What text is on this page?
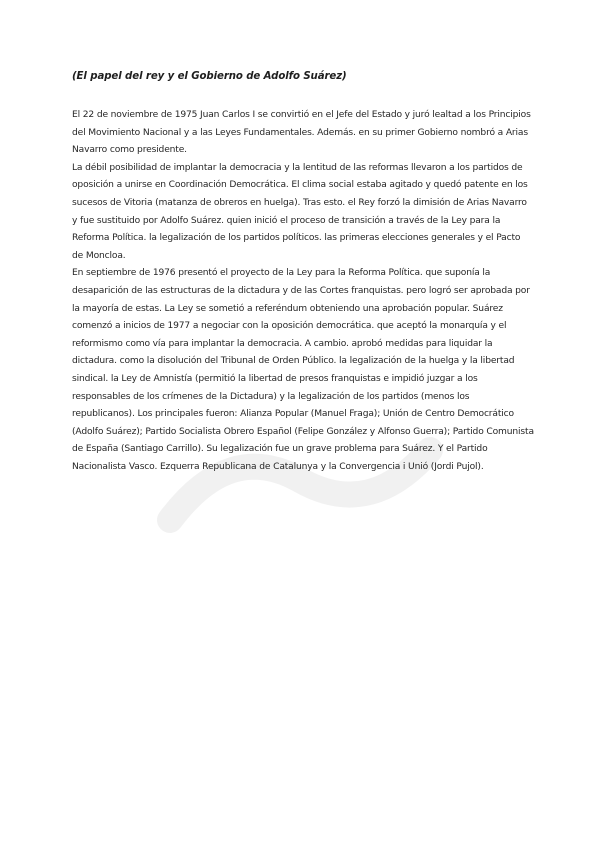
(El papel del rey y el Gobierno de Adolfo Suárez)

El 22 de noviembre de 1975 Juan Carlos I se convirtió en el Jefe del Estado y juró lealtad a los Principios del Movimiento Nacional y a las Leyes Fundamentales. Además. en su primer Gobierno nombró a Arias Navarro como presidente.

La débil posibilidad de implantar la democracia y la lentitud de las reformas llevaron a los partidos de oposición a unirse en Coordinación Democrática. El clima social estaba agitado y quedó patente en los sucesos de Vitoria (matanza de obreros en huelga). Tras esto. el Rey forzó la dimisión de Arias Navarro y fue sustituido por Adolfo Suárez. quien inició el proceso de transición a través de la Ley para la Reforma Política. la legalización de los partidos políticos. las primeras elecciones generales y el Pacto de Moncloa.

En septiembre de 1976 presentó el proyecto de la Ley para la Reforma Política. que suponía la desaparición de las estructuras de la dictadura y de las Cortes franquistas. pero logró ser aprobada por la mayoría de estas. La Ley se sometió a referéndum obteniendo una aprobación popular. Suárez comenzó a inicios de 1977 a negociar con la oposición democrática. que aceptó la monarquía y el reformismo como vía para implantar la democracia. A cambio. aprobó medidas para liquidar la dictadura. como la disolución del Tribunal de Orden Público. la legalización de la huelga y la libertad sindical. la Ley de Amnistía (permitió la libertad de presos franquistas e impidió juzgar a los responsables de los crímenes de la Dictadura) y la legalización de los partidos (menos los republicanos). Los principales fueron: Alianza Popular (Manuel Fraga); Unión de Centro Democrático (Adolfo Suárez); Partido Socialista Obrero Español (Felipe González y Alfonso Guerra); Partido Comunista de España (Santiago Carrillo). Su legalización fue un grave problema para Suárez. Y el Partido Nacionalista Vasco. Ezquerra Republicana de Catalunya y la Convergencia i Unió (Jordi Pujol).
